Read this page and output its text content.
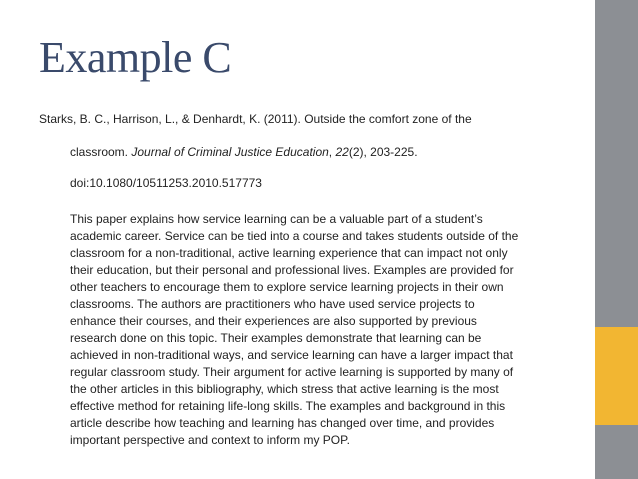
Example C
Starks, B. C., Harrison, L., & Denhardt, K. (2011). Outside the comfort zone of the
classroom. Journal of Criminal Justice Education, 22(2), 203-225.
doi:10.1080/10511253.2010.517773
This paper explains how service learning can be a valuable part of a student’s
academic career. Service can be tied into a course and takes students outside of the
classroom for a non-traditional, active learning experience that can impact not only
their education, but their personal and professional lives. Examples are provided for
other teachers to encourage them to explore service learning projects in their own
classrooms. The authors are practitioners who have used service projects to
enhance their courses, and their experiences are also supported by previous
research done on this topic. Their examples demonstrate that learning can be
achieved in non-traditional ways, and service learning can have a larger impact that
regular classroom study. Their argument for active learning is supported by many of
the other articles in this bibliography, which stress that active learning is the most
effective method for retaining life-long skills. The examples and background in this
article describe how teaching and learning has changed over time, and provides
important perspective and context to inform my POP.
